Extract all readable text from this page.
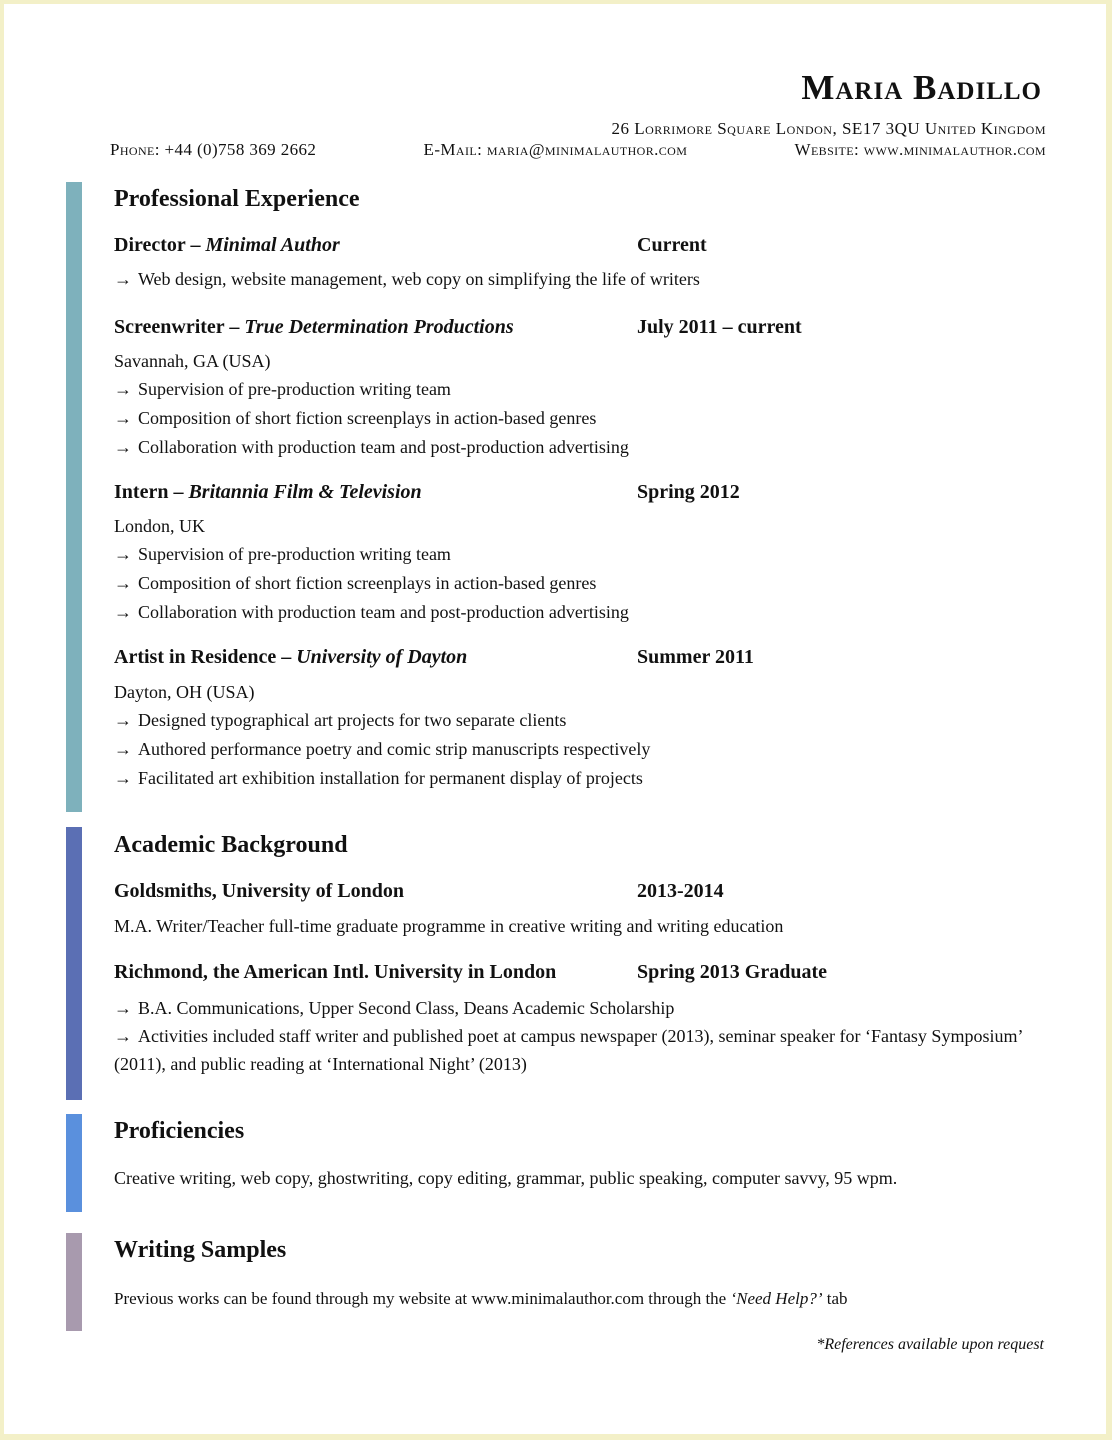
Maria Badillo
26 Lorrimore Square London, SE17 3QU United Kingdom
Phone: +44 (0)758 369 2662	E-Mail: maria@minimalauthor.com	Website: www.minimalauthor.com
Professional Experience
Director – Minimal Author	Current
→ Web design, website management, web copy on simplifying the life of writers
Screenwriter – True Determination Productions	July 2011 – current
Savannah, GA (USA)
→ Supervision of pre-production writing team
→ Composition of short fiction screenplays in action-based genres
→ Collaboration with production team and post-production advertising
Intern – Britannia Film & Television	Spring 2012
London, UK
→ Supervision of pre-production writing team
→ Composition of short fiction screenplays in action-based genres
→ Collaboration with production team and post-production advertising
Artist in Residence – University of Dayton	Summer 2011
Dayton, OH (USA)
→ Designed typographical art projects for two separate clients
→ Authored performance poetry and comic strip manuscripts respectively
→ Facilitated art exhibition installation for permanent display of projects
Academic Background
Goldsmiths, University of London	2013-2014
M.A. Writer/Teacher full-time graduate programme in creative writing and writing education
Richmond, the American Intl. University in London	Spring 2013 Graduate
→ B.A. Communications, Upper Second Class, Deans Academic Scholarship
→ Activities included staff writer and published poet at campus newspaper (2013), seminar speaker for ‘Fantasy Symposium’ (2011), and public reading at ‘International Night’ (2013)
Proficiencies
Creative writing, web copy, ghostwriting, copy editing, grammar, public speaking, computer savvy, 95 wpm.
Writing Samples
Previous works can be found through my website at www.minimalauthor.com through the ‘Need Help?’ tab
*References available upon request
